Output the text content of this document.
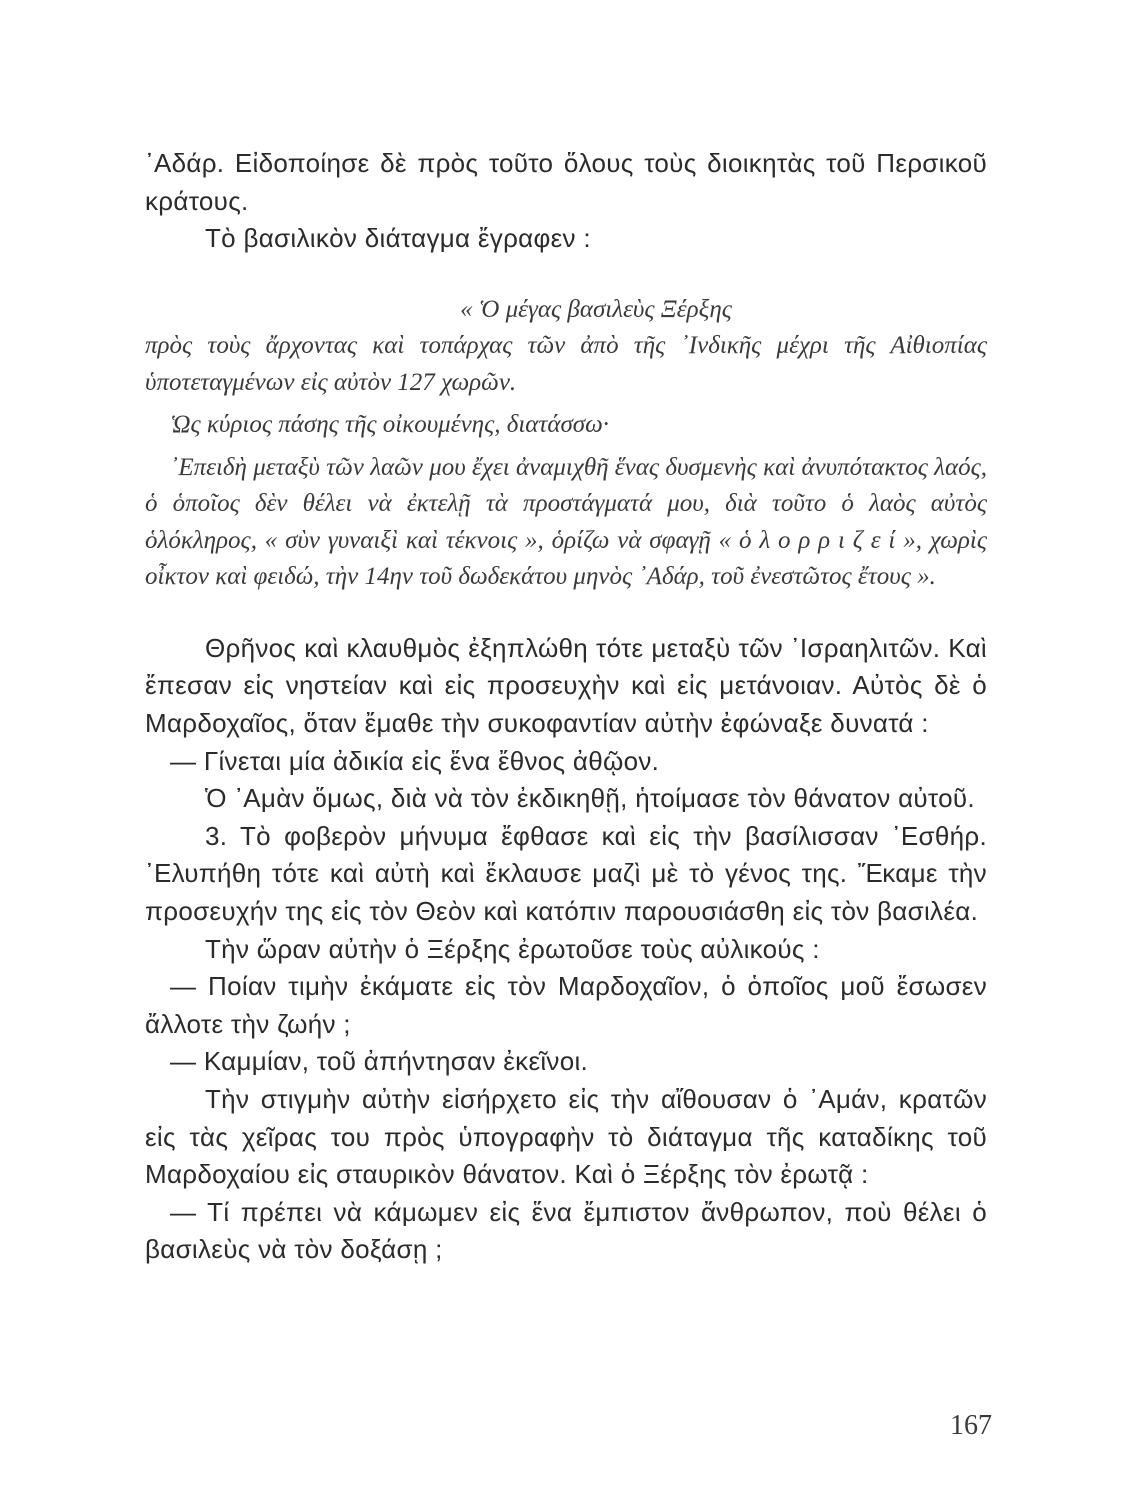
᾿Αδάρ. Εἰδοποίησε δὲ πρὸς τοῦτο ὅλους τοὺς διοικητὰς τοῦ Περσικοῦ κράτους.

Τὸ βασιλικὸν διάταγμα ἔγραφεν :

« Ὁ μέγας βασιλεὺς Ξέρξης

πρὸς τοὺς ἄρχοντας καὶ τοπάρχας τῶν ἀπὸ τῆς ᾿Ινδικῆς μέχρι τῆς Αἰθιοπίας ὑποτεταγμένων εἰς αὐτὸν 127 χωρῶν.

Ὡς κύριος πάσης τῆς οἰκουμένης, διατάσσω·

᾿Επειδὴ μεταξὺ τῶν λαῶν μου ἔχει ἀναμιχθῆ ἕνας δυσμενὴς καὶ ἀνυπότακτος λαός, ὁ ὁποῖος δὲν θέλει νὰ ἐκτελῇ τὰ προστάγματά μου, διὰ τοῦτο ὁ λαὸς αὐτὸς ὁλόκληρος, « σὺν γυναιξὶ καὶ τέκνοις », ὁρίζω νὰ σφαγῇ « ὁ λ ο ρ ρ ι ζ ε ί », χωρὶς οἶκτον καὶ φειδώ, τὴν 14ην τοῦ δωδεκάτου μηνὸς ᾿Αδάρ, τοῦ ἐνεστῶτος ἔτους ».

Θρῆνος καὶ κλαυθμὸς ἐξηπλώθη τότε μεταξὺ τῶν ᾿Ισραηλιτῶν. Καὶ ἔπεσαν εἰς νηστείαν καὶ εἰς προσευχὴν καὶ εἰς μετάνοιαν. Αὐτὸς δὲ ὁ Μαρδοχαῖος, ὅταν ἔμαθε τὴν συκοφαντίαν αὐτὴν ἐφώναξε δυνατά :

— Γίνεται μία ἀδικία εἰς ἕνα ἔθνος ἀθῷον.

Ὁ ᾿Αμὰν ὅμως, διὰ νὰ τὸν ἐκδικηθῇ, ἡτοίμασε τὸν θάνατον αὐτοῦ.

3. Τὸ φοβερὸν μήνυμα ἔφθασε καὶ εἰς τὴν βασίλισσαν ᾿Εσθήρ. ᾿Ελυπήθη τότε καὶ αὐτὴ καὶ ἔκλαυσε μαζὶ μὲ τὸ γένος της. Ἔκαμε τὴν προσευχήν της εἰς τὸν Θεὸν καὶ κατόπιν παρουσιάσθη εἰς τὸν βασιλέα.

Τὴν ὥραν αὐτὴν ὁ Ξέρξης ἐρωτοῦσε τοὺς αὐλικούς :

— Ποίαν τιμὴν ἐκάματε εἰς τὸν Μαρδοχαῖον, ὁ ὁποῖος μοῦ ἔσωσεν ἄλλοτε τὴν ζωήν ;

— Καμμίαν, τοῦ ἀπήντησαν ἐκεῖνοι.

Τὴν στιγμὴν αὐτὴν εἰσήρχετο εἰς τὴν αἴθουσαν ὁ ᾿Αμάν, κρατῶν εἰς τὰς χεῖρας του πρὸς ὑπογραφὴν τὸ διάταγμα τῆς καταδίκης τοῦ Μαρδοχαίου εἰς σταυρικὸν θάνατον. Καὶ ὁ Ξέρξης τὸν ἐρωτᾷ :

— Τί πρέπει νὰ κάμωμεν εἰς ἕνα ἔμπιστον ἄνθρωπον, ποὺ θέλει ὁ βασιλεὺς νὰ τὸν δοξάσῃ ;

167
